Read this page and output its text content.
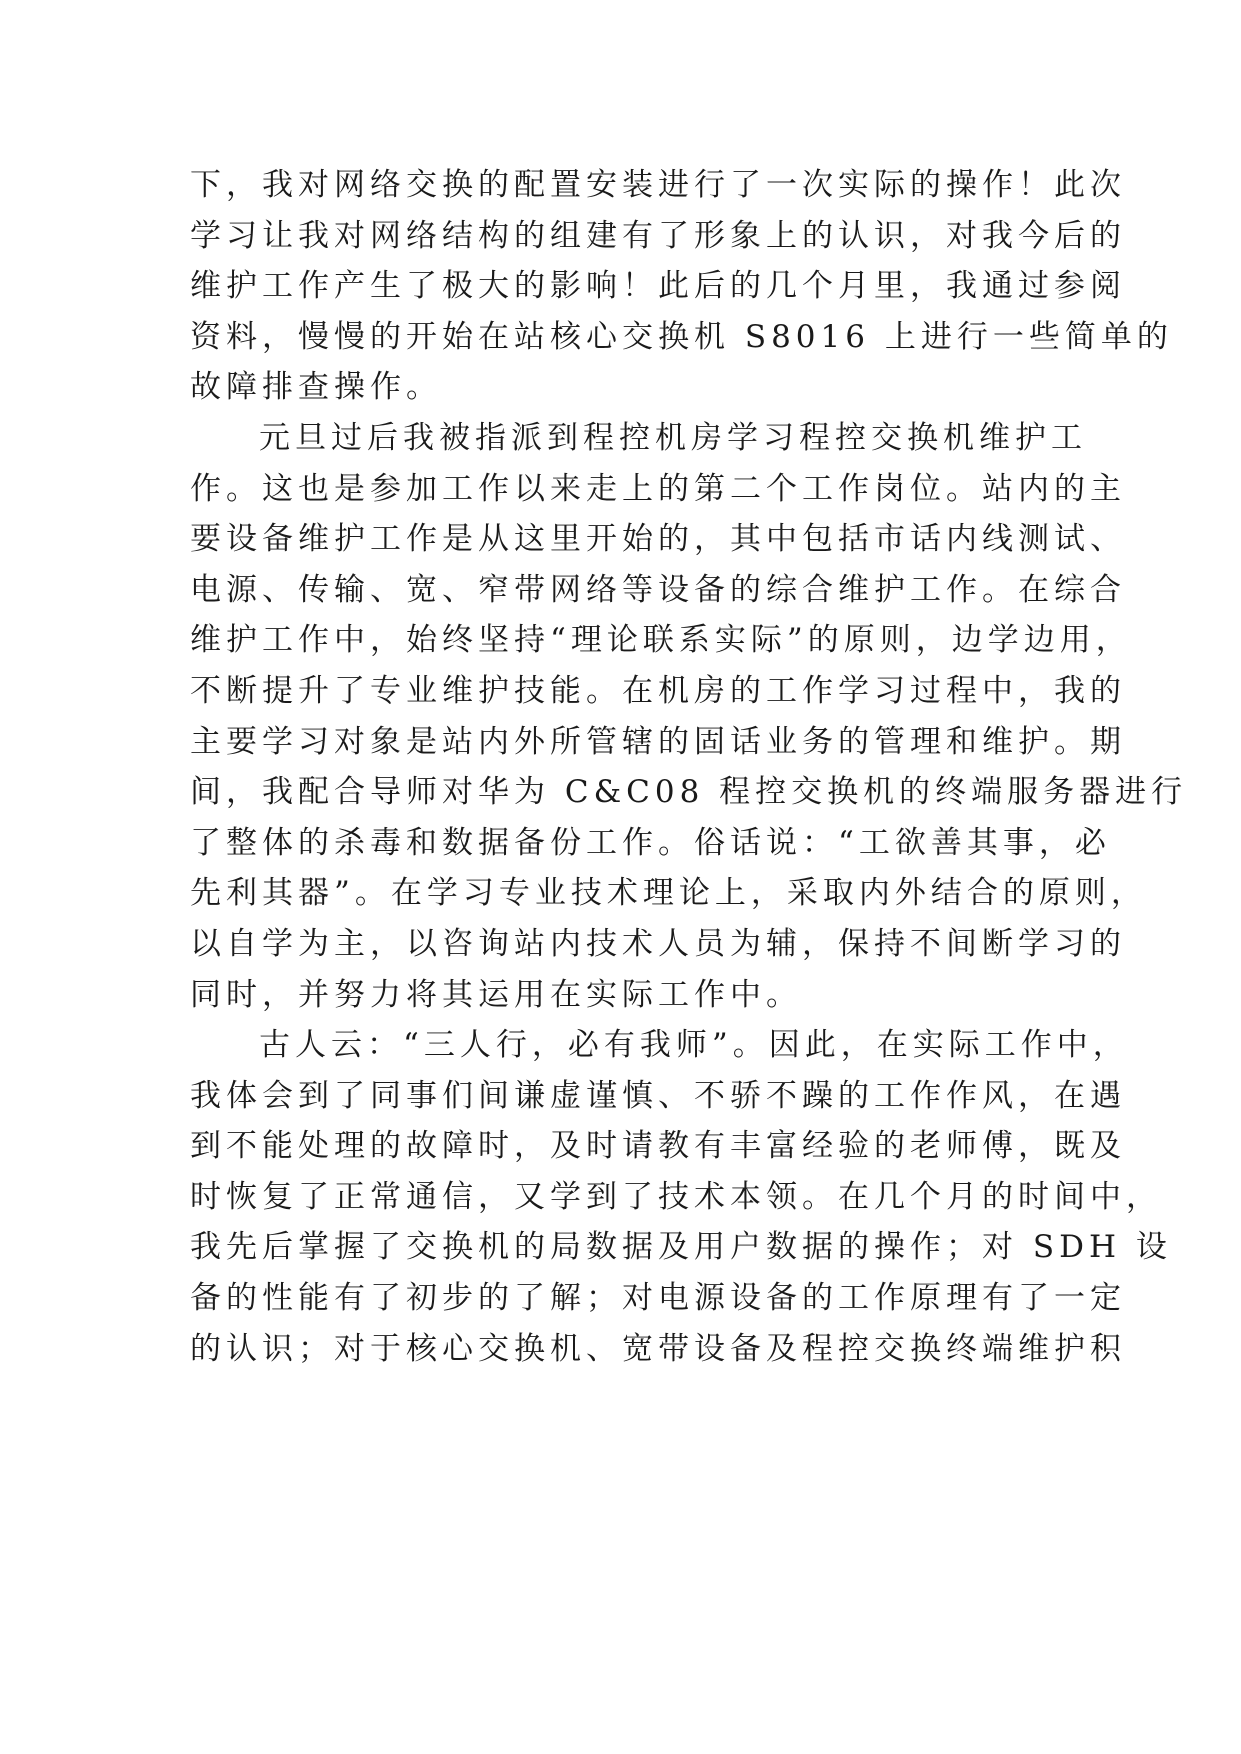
下，我对网络交换的配置安装进行了一次实际的操作！此次
学习让我对网络结构的组建有了形象上的认识，对我今后的
维护工作产生了极大的影响！此后的几个月里，我通过参阅
资料，慢慢的开始在站核心交换机 S8016 上进行一些简单的
故障排查操作。
元旦过后我被指派到程控机房学习程控交换机维护工
作。这也是参加工作以来走上的第二个工作岗位。站内的主
要设备维护工作是从这里开始的，其中包括市话内线测试、
电源、传输、宽、窄带网络等设备的综合维护工作。在综合
维护工作中，始终坚持“理论联系实际”的原则，边学边用，
不断提升了专业维护技能。在机房的工作学习过程中，我的
主要学习对象是站内外所管辖的固话业务的管理和维护。期
间，我配合导师对华为 C&C08 程控交换机的终端服务器进行
了整体的杀毒和数据备份工作。俗话说：“工欲善其事，必
先利其器”。在学习专业技术理论上，采取内外结合的原则，
以自学为主，以咨询站内技术人员为辅，保持不间断学习的
同时，并努力将其运用在实际工作中。
古人云：“三人行，必有我师”。因此，在实际工作中，
我体会到了同事们间谦虚谨慎、不骄不躁的工作作风，在遇
到不能处理的故障时，及时请教有丰富经验的老师傅，既及
时恢复了正常通信，又学到了技术本领。在几个月的时间中，
我先后掌握了交换机的局数据及用户数据的操作；对 SDH 设
备的性能有了初步的了解；对电源设备的工作原理有了一定
的认识；对于核心交换机、宽带设备及程控交换终端维护积
